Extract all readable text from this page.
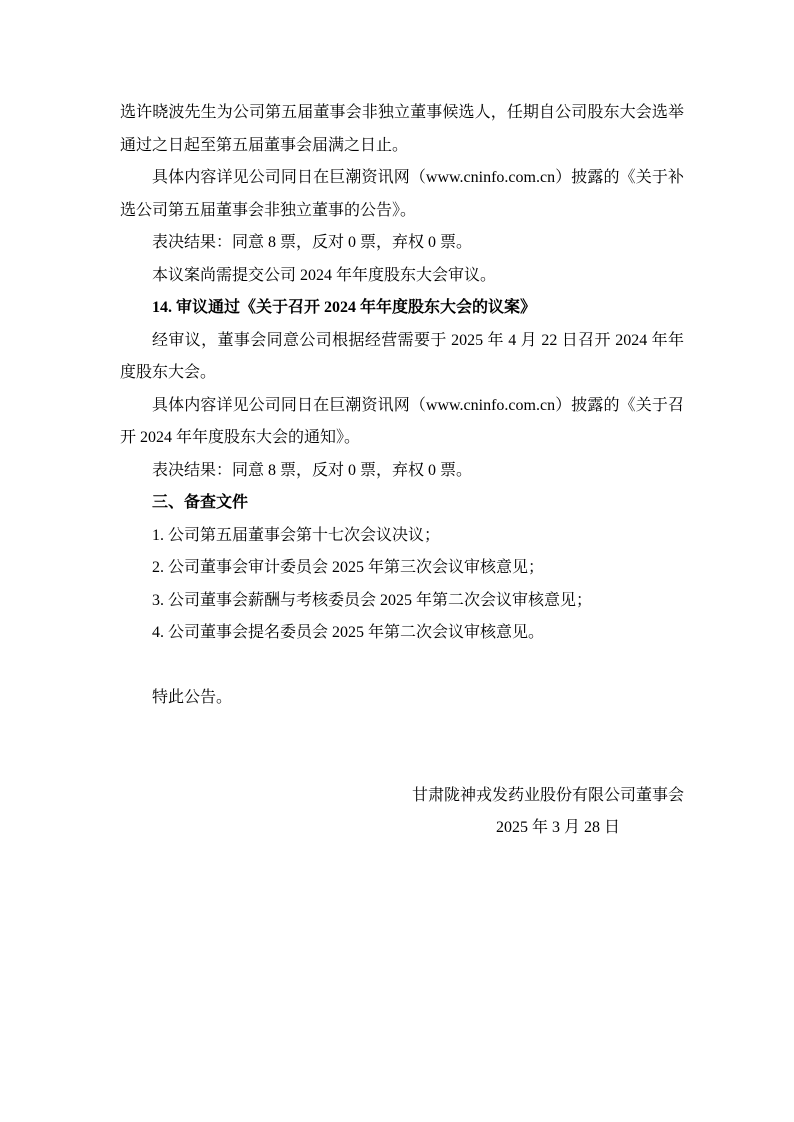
选许晓波先生为公司第五届董事会非独立董事候选人，任期自公司股东大会选举通过之日起至第五届董事会届满之日止。
具体内容详见公司同日在巨潮资讯网（www.cninfo.com.cn）披露的《关于补选公司第五届董事会非独立董事的公告》。
表决结果：同意 8 票，反对 0 票，弃权 0 票。
本议案尚需提交公司 2024 年年度股东大会审议。
14. 审议通过《关于召开 2024 年年度股东大会的议案》
经审议，董事会同意公司根据经营需要于 2025 年 4 月 22 日召开 2024 年年度股东大会。
具体内容详见公司同日在巨潮资讯网（www.cninfo.com.cn）披露的《关于召开 2024 年年度股东大会的通知》。
表决结果：同意 8 票，反对 0 票，弃权 0 票。
三、备查文件
1. 公司第五届董事会第十七次会议决议；
2. 公司董事会审计委员会 2025 年第三次会议审核意见；
3. 公司董事会薪酬与考核委员会 2025 年第二次会议审核意见；
4. 公司董事会提名委员会 2025 年第二次会议审核意见。

特此公告。

甘肃陇神戎发药业股份有限公司董事会
2025 年 3 月 28 日
